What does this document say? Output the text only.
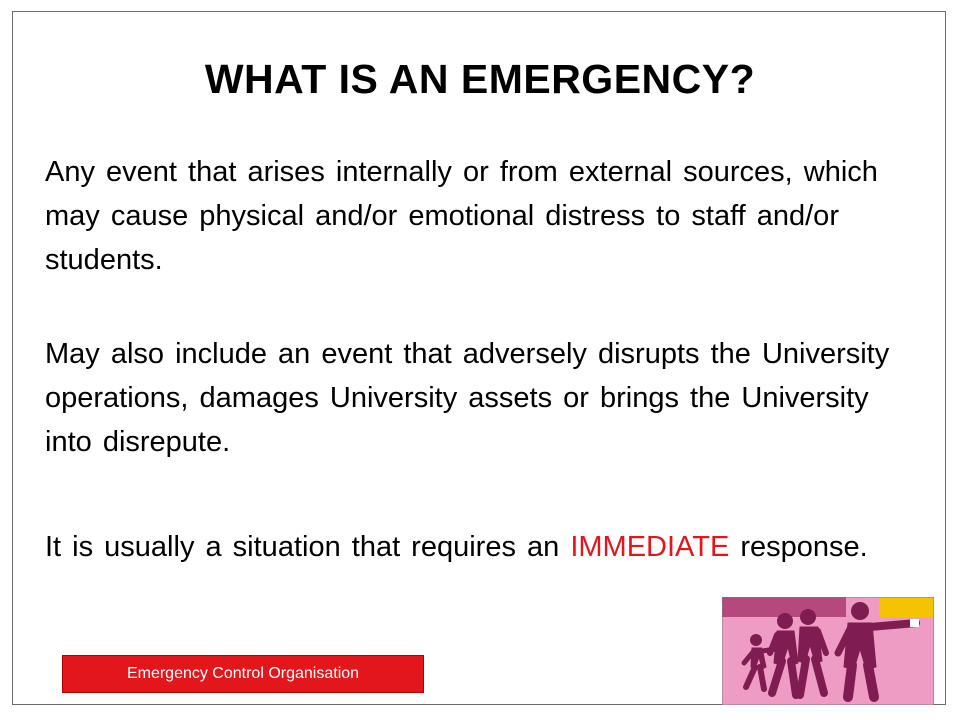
WHAT IS AN EMERGENCY?

Any event that arises internally or from external sources, which may cause physical and/or emotional distress to staff and/or students.

May also include an event that adversely disrupts the University operations, damages University assets or brings the University into disrepute.

It is usually a situation that requires an IMMEDIATE response.

Emergency Control Organisation
